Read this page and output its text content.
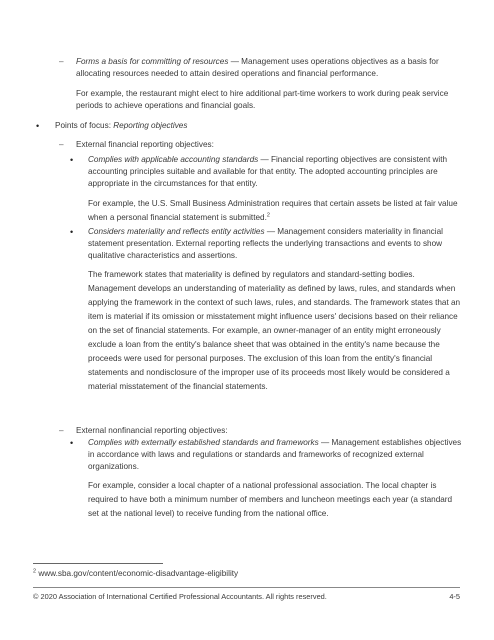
– Forms a basis for committing of resources — Management uses operations objectives as a basis for allocating resources needed to attain desired operations and financial performance.

For example, the restaurant might elect to hire additional part-time workers to work during peak service periods to achieve operations and financial goals.

• Points of focus: Reporting objectives

– External financial reporting objectives:

• Complies with applicable accounting standards — Financial reporting objectives are consistent with accounting principles suitable and available for that entity. The adopted accounting principles are appropriate in the circumstances for that entity.

For example, the U.S. Small Business Administration requires that certain assets be listed at fair value when a personal financial statement is submitted.$^2$

• Considers materiality and reflects entity activities — Management considers materiality in financial statement presentation. External reporting reflects the underlying transactions and events to show qualitative characteristics and assertions.

The framework states that materiality is defined by regulators and standard-setting bodies. Management develops an understanding of materiality as defined by laws, rules, and standards when applying the framework in the context of such laws, rules, and standards. The framework states that an item is material if its omission or misstatement might influence users' decisions based on their reliance on the set of financial statements. For example, an owner-manager of an entity might erroneously exclude a loan from the entity's balance sheet that was obtained in the entity's name because the proceeds were used for personal purposes. The exclusion of this loan from the entity's financial statements and nondisclosure of the improper use of its proceeds most likely would be considered a material misstatement of the financial statements.

– External nonfinancial reporting objectives:

• Complies with externally established standards and frameworks — Management establishes objectives in accordance with laws and regulations or standards and frameworks of recognized external organizations.

For example, consider a local chapter of a national professional association. The local chapter is required to have both a minimum number of members and luncheon meetings each year (a standard set at the national level) to receive funding from the national office.

$^2$ www.sba.gov/content/economic-disadvantage-eligibility

© 2020 Association of International Certified Professional Accountants. All rights reserved.	4-5
